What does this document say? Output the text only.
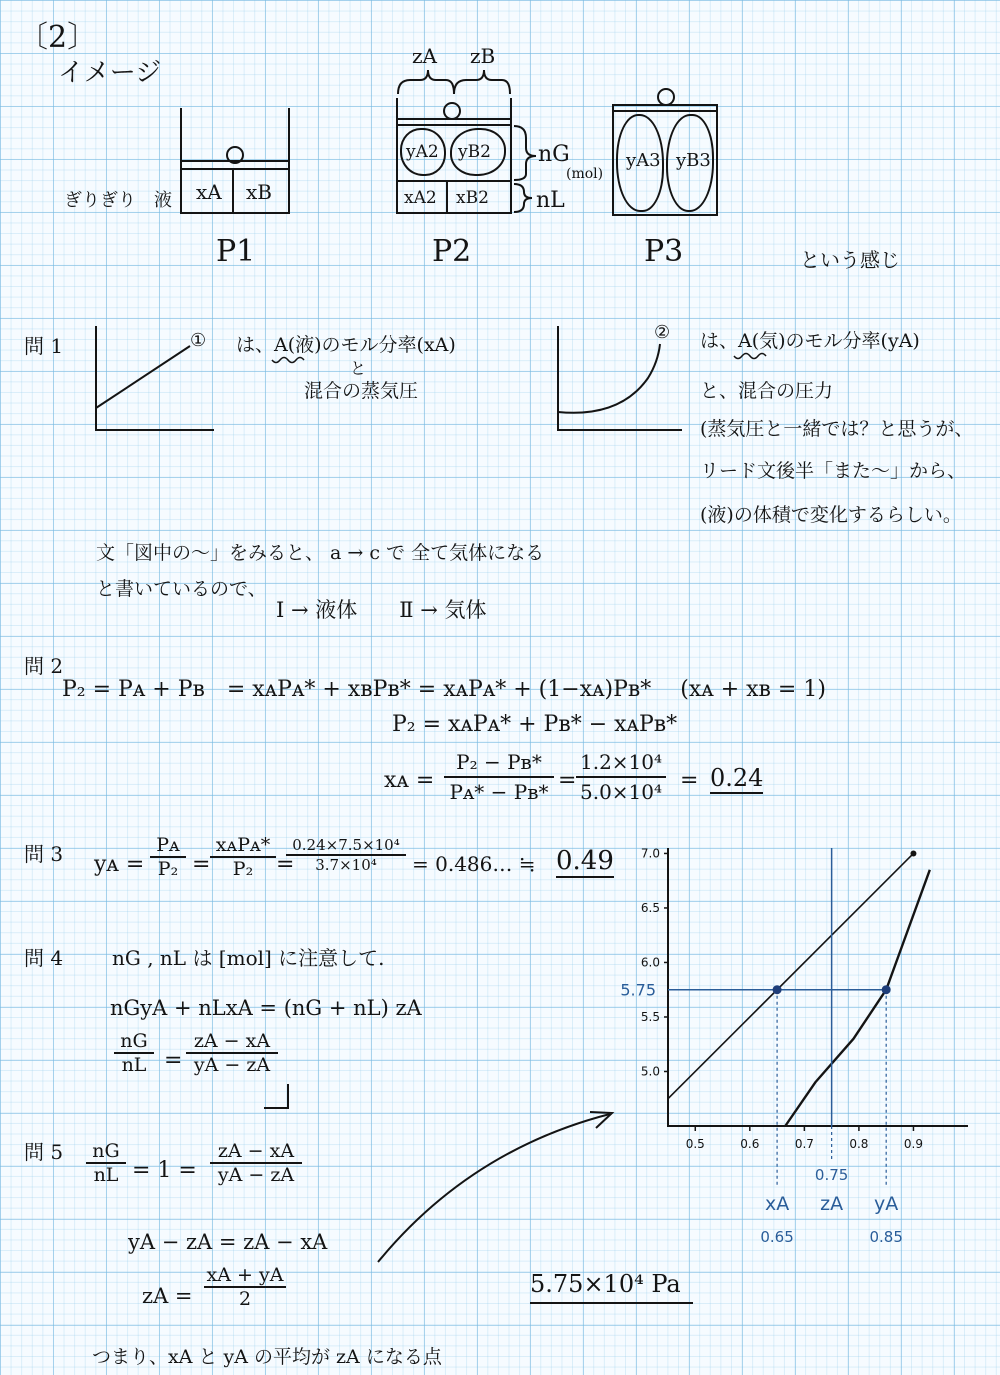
〔2〕
イメージ
ぎりぎり　液 xA xB
P1
zA zB
yA2 yB2
xA2 xB2
nG
(mol)
nL
P2
yA3 yB3
P3	という感じ
問 1	①	②
は、A(液)のモル分率(xA)
と
混合の蒸気圧
は、A(気)のモル分率(yA)
と、混合の圧力
(蒸気圧と一緒では？と思うが、
リード文後半「また〜」から、
(液)の体積で変化するらしい。
文「図中の〜」をみると、 a → c で 全て気体になる
と書いているので、
Ⅰ → 液体　　Ⅱ → 気体
問 2
P₂ = Pᴀ + Pʙ　= xᴀPᴀ* + xʙPʙ* = xᴀPᴀ* + (1−xᴀ)Pʙ*　 (xᴀ + xʙ = 1)
P₂ = xᴀPᴀ* + Pʙ* − xᴀPʙ*
xᴀ =
P₂ − Pʙ*
Pᴀ* − Pʙ* =
1.2×10⁴
5.0×10⁴ = 0.24
問 3 yᴀ =
Pᴀ
P₂ =
xᴀPᴀ*
P₂	=
0.24×7.5×10⁴
3.7×10⁴	= 0.486… ≒ 0.49
問 4 nG , nL は [mol] に注意して.
nGyA + nLxA = (nG + nL) zA
nG
nL =
zA − xA
yA − zA
問 5	nG
nL = 1 =
zA − xA
yA − zA
yA − zA = zA − xA
zA =
xA + yA
2
つまり、xA と yA の平均が zA になる点
5.75×10⁴ Pa
0.5	0.6	0.7	0.8	0.9
5.0
5.5
6.0
6.5
7.0
5.75
0.75
xA zA yA
0.65	0.85
